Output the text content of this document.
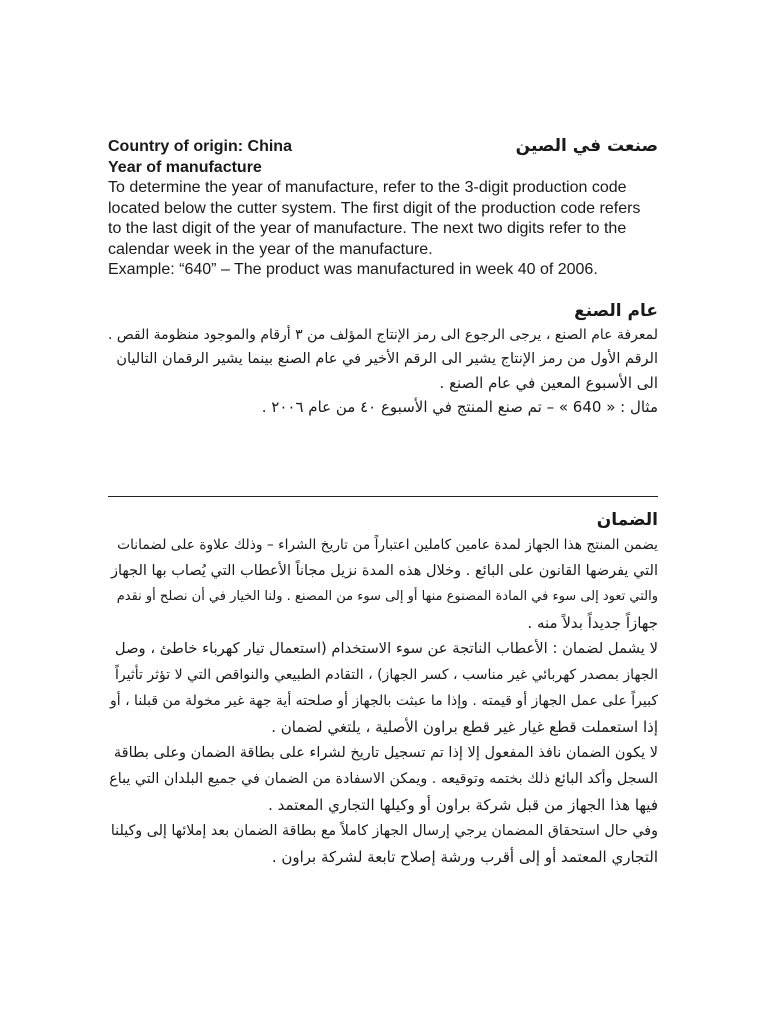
Country of origin: China	صنعت في الصين
Year of manufacture
To determine the year of manufacture, refer to the 3-digit production code
located below the cutter system. The first digit of the production code refers
to the last digit of the year of manufacture. The next two digits refer to the
calendar week in the year of the manufacture.
Example: “640” – The product was manufactured in week 40 of 2006.
عام الصنع
لمعرفة عام الصنع ، يرجى الرجوع الى رمز الإنتاج المؤلف من ٣ أرقام والموجود منظومة القص .
الرقم الأول من رمز الإنتاج يشير الى الرقم الأخير في عام الصنع بينما يشير الرقمان التاليان
الى الأسبوع المعين في عام الصنع .
مثال : « 640 » – تم صنع المنتج في الأسبوع ٤٠ من عام ٢٠٠٦ .
الضمان
يضمن المنتج هذا الجهاز لمدة عامين كاملين اعتباراً من تاريخ الشراء – وذلك علاوة على لضمانات
التي يفرضها القانون على البائع . وخلال هذه المدة نزيل مجاناً الأعطاب التي يُصاب بها الجهاز
والتي تعود إلى سوء في المادة المصنوع منها أو إلى سوء من المصنع . ولنا الخيار في أن نصلح أو نقدم
جهازاً جديداً بدلاً منه .
لا يشمل لضمان : الأعطاب الناتجة عن سوء الاستخدام (استعمال تيار كهرباء خاطئ ، وصل
الجهاز بمصدر كهربائي غير مناسب ، كسر الجهاز) ، التقادم الطبيعي والنواقص التي لا تؤثر تأثيراً
كبيراً على عمل الجهاز أو قيمته . وإذا ما عبثت بالجهاز أو صلحته أية جهة غير مخولة من قبلنا ، أو
إذا استعملت قطع غيار غير قطع براون الأصلية ، يلتغي لضمان .
لا يكون الضمان نافذ المفعول إلا إذا تم تسجيل تاريخ لشراء على بطاقة الضمان وعلى بطاقة
السجل وأكد البائع ذلك بختمه وتوقيعه . ويمكن الاسفادة من الضمان في جميع البلدان التي يباع
فيها هذا الجهاز من قبل شركة براون أو وكيلها التجاري المعتمد .
وفي حال استحقاق المضمان يرجي إرسال الجهاز كاملاً مع بطاقة الضمان بعد إملائها إلى وكيلنا
التجاري المعتمد أو إلى أقرب ورشة إصلاح تابعة لشركة براون .
